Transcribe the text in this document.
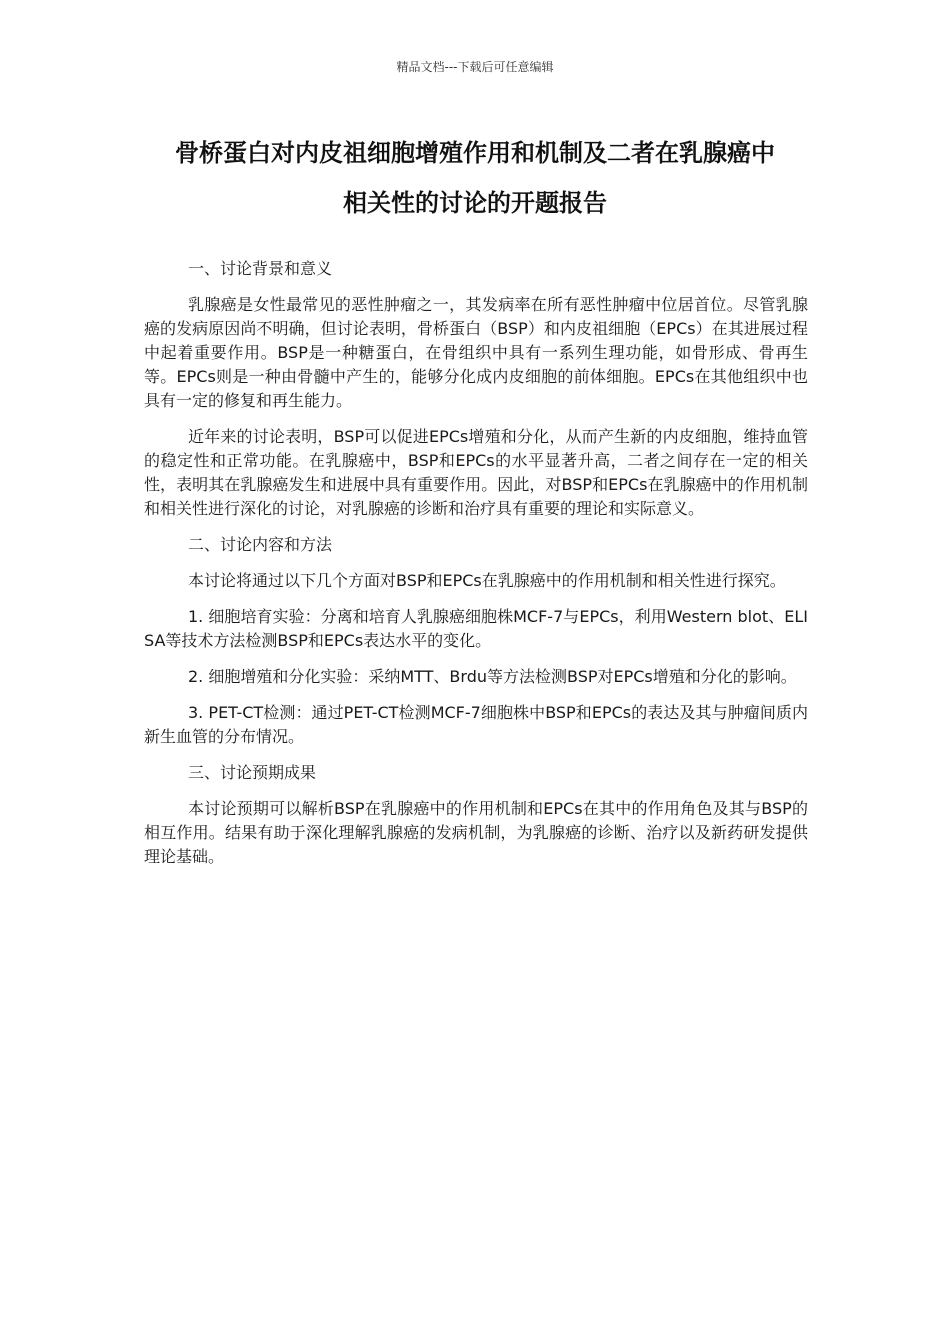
精品文档---下载后可任意编辑
骨桥蛋白对内皮祖细胞增殖作用和机制及二者在乳腺癌中
相关性的讨论的开题报告

一、讨论背景和意义

乳腺癌是女性最常见的恶性肿瘤之一，其发病率在所有恶性肿瘤中位居首位。尽管乳腺癌的发病原因尚不明确，但讨论表明，骨桥蛋白（BSP）和内皮祖细胞（EPCs）在其进展过程中起着重要作用。BSP是一种糖蛋白，在骨组织中具有一系列生理功能，如骨形成、骨再生等。EPCs则是一种由骨髓中产生的，能够分化成内皮细胞的前体细胞。EPCs在其他组织中也具有一定的修复和再生能力。

近年来的讨论表明，BSP可以促进EPCs增殖和分化，从而产生新的内皮细胞，维持血管的稳定性和正常功能。在乳腺癌中，BSP和EPCs的水平显著升高，二者之间存在一定的相关性，表明其在乳腺癌发生和进展中具有重要作用。因此，对BSP和EPCs在乳腺癌中的作用机制和相关性进行深化的讨论，对乳腺癌的诊断和治疗具有重要的理论和实际意义。

二、讨论内容和方法

本讨论将通过以下几个方面对BSP和EPCs在乳腺癌中的作用机制和相关性进行探究。

1. 细胞培育实验：分离和培育人乳腺癌细胞株MCF-7与EPCs，利用Western blot、ELISA等技术方法检测BSP和EPCs表达水平的变化。

2. 细胞增殖和分化实验：采纳MTT、Brdu等方法检测BSP对EPCs增殖和分化的影响。

3. PET-CT检测：通过PET-CT检测MCF-7细胞株中BSP和EPCs的表达及其与肿瘤间质内新生血管的分布情况。

三、讨论预期成果

本讨论预期可以解析BSP在乳腺癌中的作用机制和EPCs在其中的作用角色及其与BSP的相互作用。结果有助于深化理解乳腺癌的发病机制，为乳腺癌的诊断、治疗以及新药研发提供理论基础。
